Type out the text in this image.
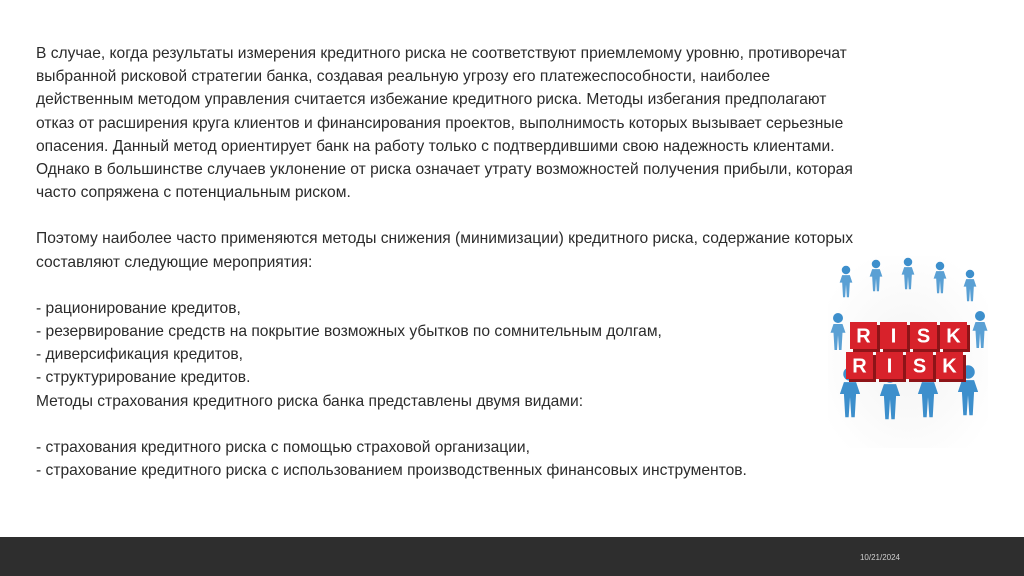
В случае, когда результаты измерения кредитного риска не соответствуют приемлемому уровню, противоречат
выбранной рисковой стратегии банка, создавая реальную угрозу его платежеспособности, наиболее
действенным методом управления считается избежание кредитного риска. Методы избегания предполагают
отказ от расширения круга клиентов и финансирования проектов, выполнимость которых вызывает серьезные
опасения. Данный метод ориентирует банк на работу только с подтвердившими свою надежность клиентами.
Однако в большинстве случаев уклонение от риска означает утрату возможностей получения прибыли, которая
часто сопряжена с потенциальным риском.

Поэтому наиболее часто применяются методы снижения (минимизации) кредитного риска, содержание которых
составляют следующие мероприятия:

- рационирование кредитов,

- резервирование средств на покрытие возможных убытков по сомнительным долгам,

- диверсификация кредитов,

- структурирование кредитов.

Методы страхования кредитного риска банка представлены двумя видами:

- страхования кредитного риска с помощью страховой организации,

- страхование кредитного риска с использованием производственных финансовых инструментов.

R I S K
R I S K
10/21/2024
